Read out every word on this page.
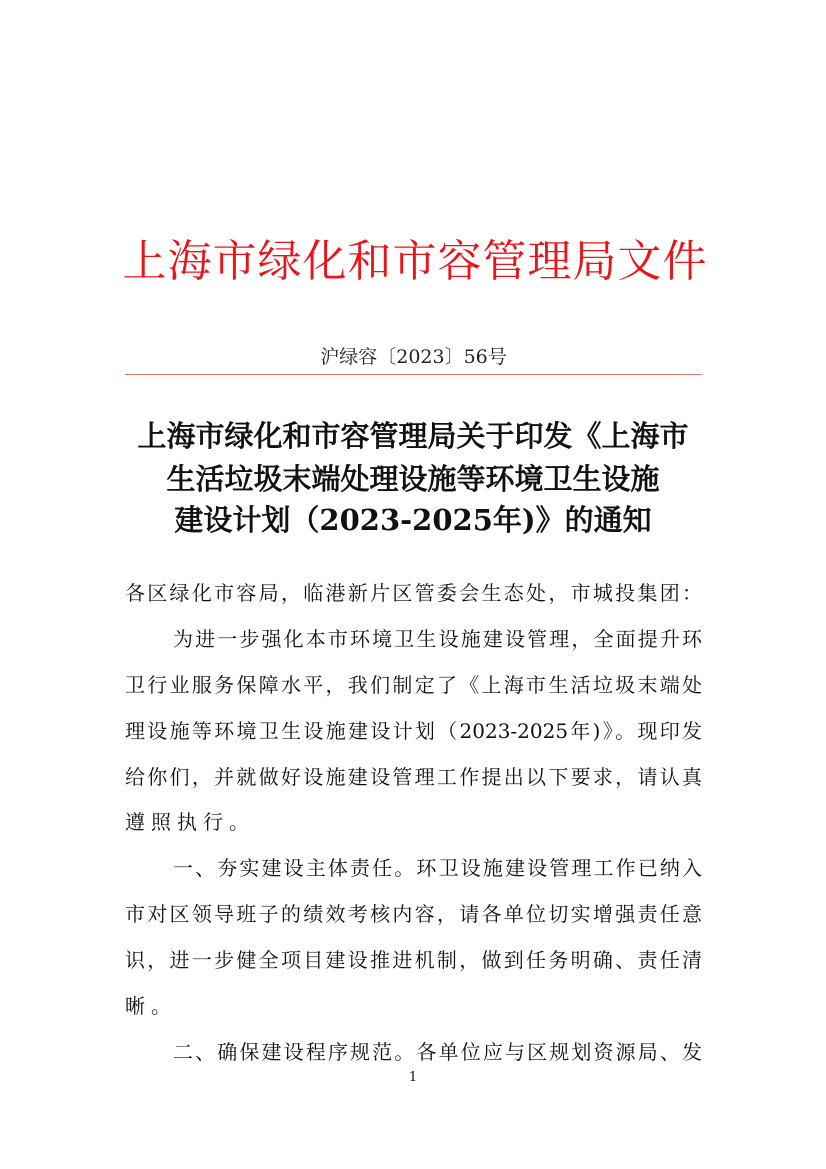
上海市绿化和市容管理局文件
沪绿容〔2023〕56号
上海市绿化和市容管理局关于印发《上海市
生活垃圾末端处理设施等环境卫生设施
建设计划（2023-2025年)》的通知
各区绿化市容局，临港新片区管委会生态处，市城投集团：
为进一步强化本市环境卫生设施建设管理，全面提升环
卫行业服务保障水平，我们制定了《上海市生活垃圾末端处
理设施等环境卫生设施建设计划（2023-2025年)》。现印发
给你们，并就做好设施建设管理工作提出以下要求，请认真
遵照执行。
一、夯实建设主体责任。环卫设施建设管理工作已纳入
市对区领导班子的绩效考核内容，请各单位切实增强责任意
识，进一步健全项目建设推进机制，做到任务明确、责任清
晰。
二、确保建设程序规范。各单位应与区规划资源局、发
1
